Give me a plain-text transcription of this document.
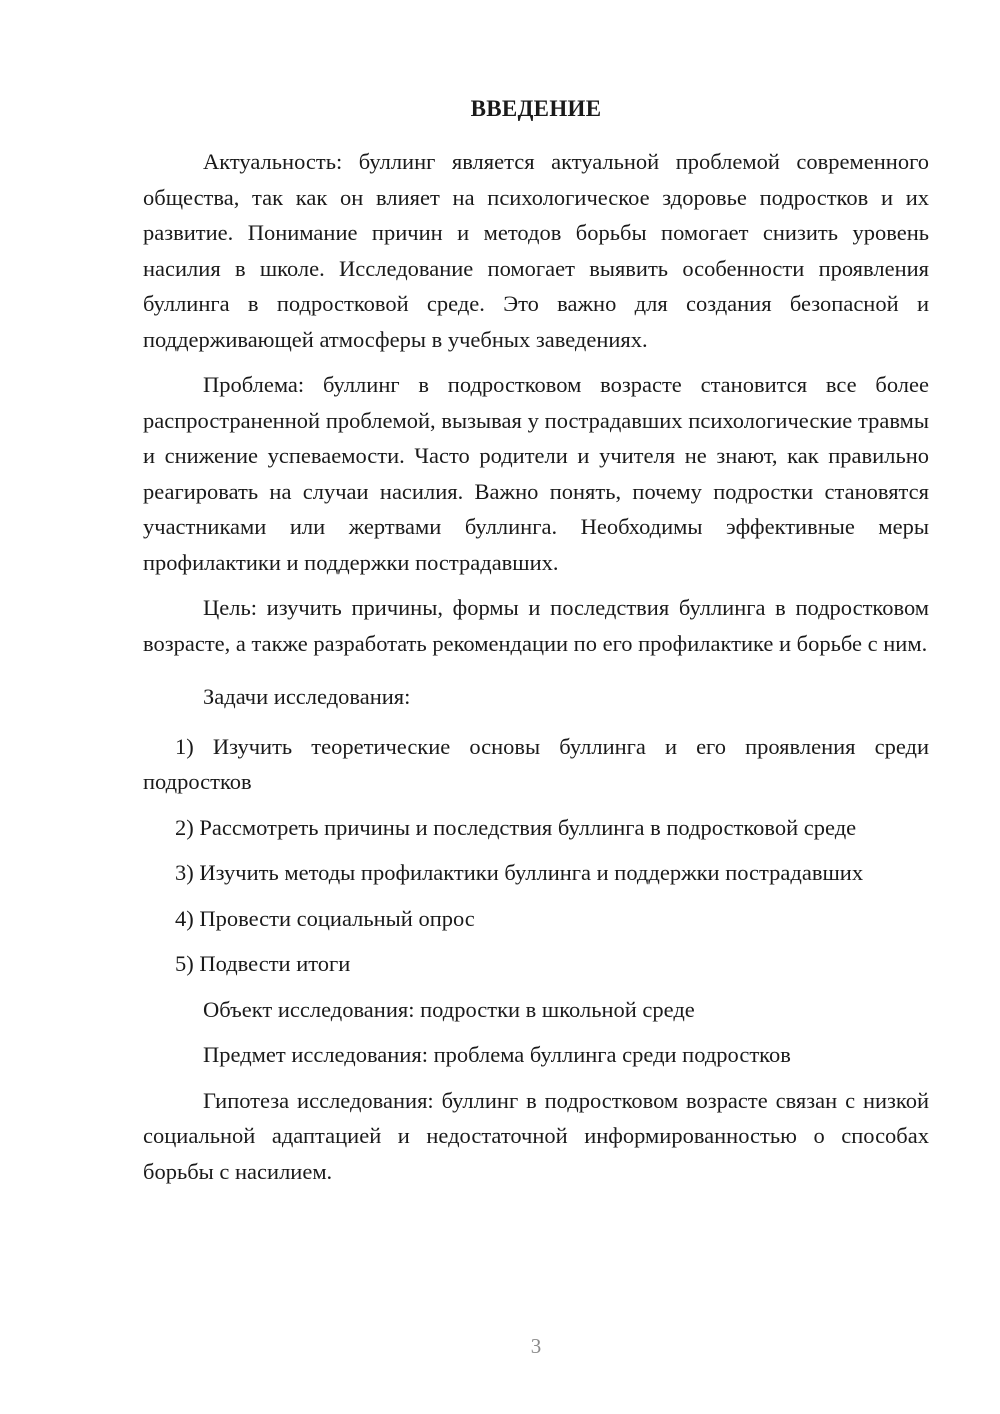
ВВЕДЕНИЕ

Актуальность: буллинг является актуальной проблемой современного общества, так как он влияет на психологическое здоровье подростков и их развитие. Понимание причин и методов борьбы помогает снизить уровень насилия в школе. Исследование помогает выявить особенности проявления буллинга в подростковой среде. Это важно для создания безопасной и поддерживающей атмосферы в учебных заведениях.

Проблема: буллинг в подростковом возрасте становится все более распространенной проблемой, вызывая у пострадавших психологические травмы и снижение успеваемости. Часто родители и учителя не знают, как правильно реагировать на случаи насилия. Важно понять, почему подростки становятся участниками или жертвами буллинга. Необходимы эффективные меры профилактики и поддержки пострадавших.

Цель: изучить причины, формы и последствия буллинга в подростковом возрасте, а также разработать рекомендации по его профилактике и борьбе с ним.

Задачи исследования:

1) Изучить теоретические основы буллинга и его проявления среди подростков

2) Рассмотреть причины и последствия буллинга в подростковой среде

3) Изучить методы профилактики буллинга и поддержки пострадавших

4) Провести социальный опрос

5) Подвести итоги

Объект исследования: подростки в школьной среде

Предмет исследования: проблема буллинга среди подростков

Гипотеза исследования: буллинг в подростковом возрасте связан с низкой социальной адаптацией и недостаточной информированностью о способах борьбы с насилием.

3
